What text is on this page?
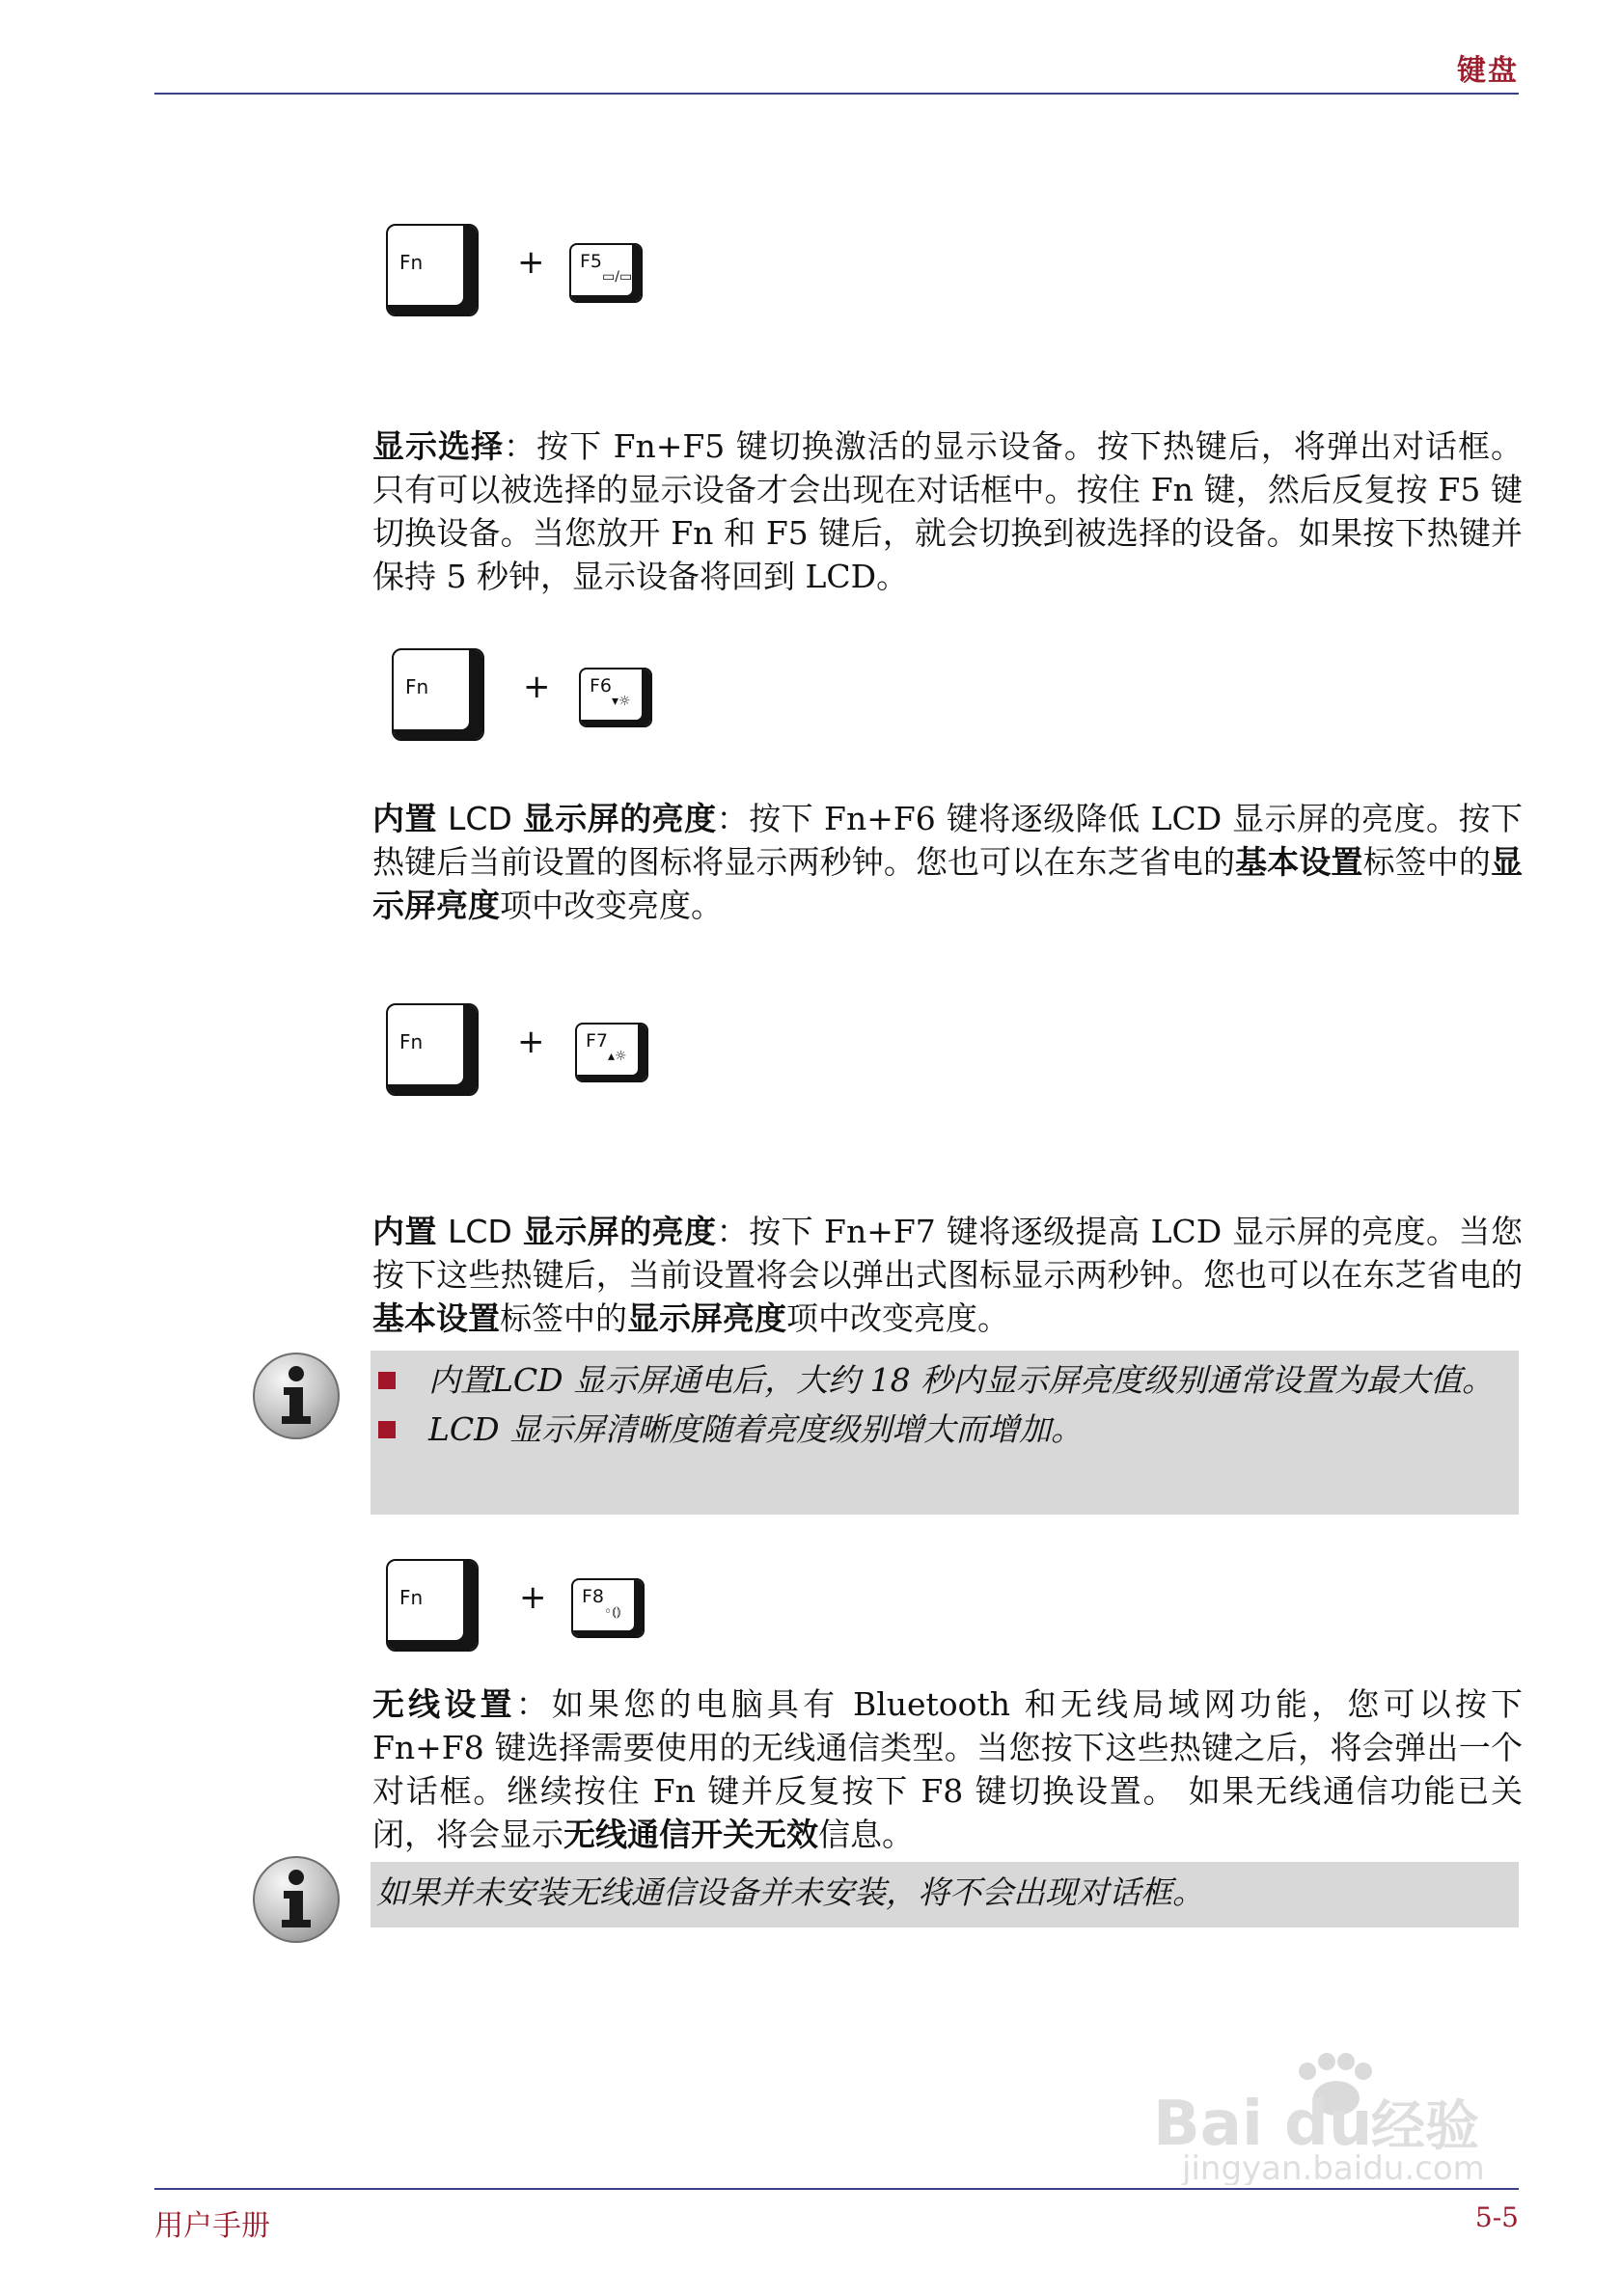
键盘
Fn	+ F5
▭/▭
显示选择：按下 Fn+F5 键切换激活的显示设备。按下热键后，将弹出对话框。只有可以被选择的显示设备才会出现在对话框中。按住 Fn 键，然后反复按 F5 键切换设备。当您放开 Fn 和 F5 键后，就会切换到被选择的设备。如果按下热键并保持 5 秒钟，显示设备将回到 LCD。
Fn	+ F6
▾☼
内置 LCD 显示屏的亮度：按下 Fn+F6 键将逐级降低 LCD 显示屏的亮度。按下热键后当前设置的图标将显示两秒钟。您也可以在东芝省电的基本设置标签中的显示屏亮度项中改变亮度。
Fn	+ F7
▴☼
内置 LCD 显示屏的亮度：按下 Fn+F7 键将逐级提高 LCD 显示屏的亮度。当您按下这些热键后，当前设置将会以弹出式图标显示两秒钟。您也可以在东芝省电的基本设置标签中的显示屏亮度项中改变亮度。
内置LCD 显示屏通电后，大约 18 秒内显示屏亮度级别通常设置为最大值。
LCD 显示屏清晰度随着亮度级别增大而增加。
Fn	+ F8
◦⦅⦆
无线设置：如果您的电脑具有 Bluetooth 和无线局域网功能，您可以按下 Fn+F8 键选择需要使用的无线通信类型。当您按下这些热键之后，将会弹出一个对话框。继续按住 Fn 键并反复按下 F8 键切换设置。 如果无线通信功能已关闭，将会显示无线通信开关无效信息。
如果并未安装无线通信设备并未安装，将不会出现对话框。
Bai du
经验
jingyan.baidu.com
用户手册	5-5
